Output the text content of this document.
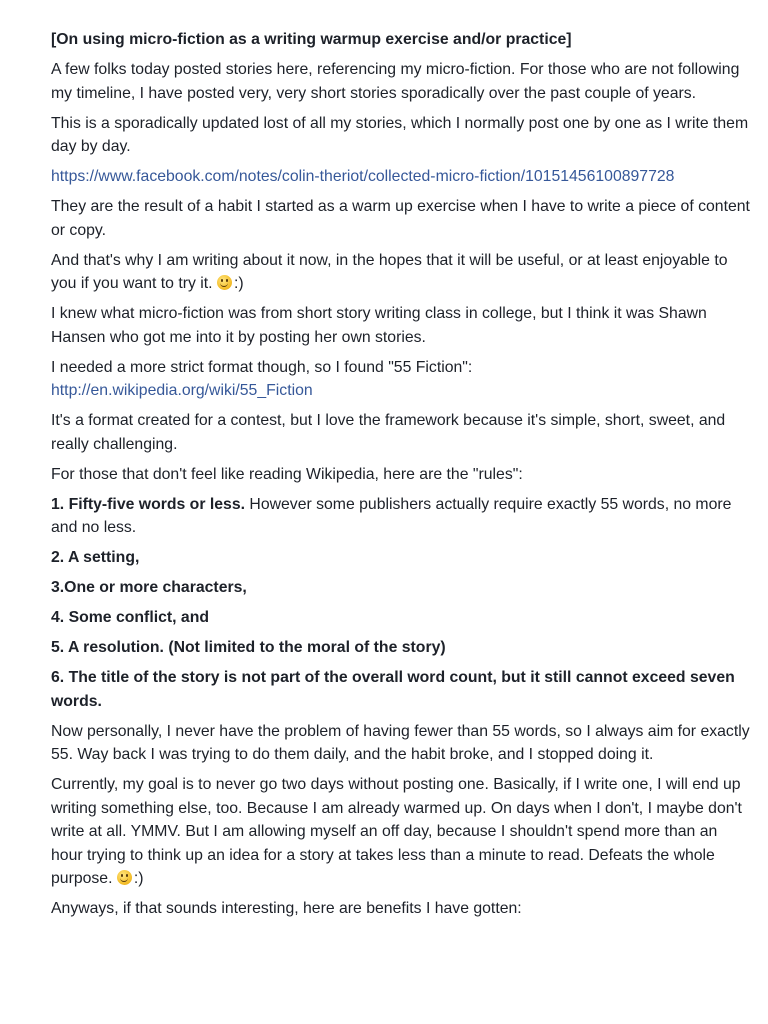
[On using micro-fiction as a writing warmup exercise and/or practice]

A few folks today posted stories here, referencing my micro-fiction. For those who are not following my timeline, I have posted very, very short stories sporadically over the past couple of years.

This is a sporadically updated lost of all my stories, which I normally post one by one as I write them day by day.

https://www.facebook.com/notes/colin-theriot/collected-micro-fiction/10151456100897728

They are the result of a habit I started as a warm up exercise when I have to write a piece of content or copy.

And that's why I am writing about it now, in the hopes that it will be useful, or at least enjoyable to you if you want to try it. :)

I knew what micro-fiction was from short story writing class in college, but I think it was Shawn Hansen who got me into it by posting her own stories.

I needed a more strict format though, so I found "55 Fiction":
http://en.wikipedia.org/wiki/55_Fiction

It's a format created for a contest, but I love the framework because it's simple, short, sweet, and really challenging.

For those that don't feel like reading Wikipedia, here are the "rules":

1. Fifty-five words or less. However some publishers actually require exactly 55 words, no more and no less.

2. A setting,

3.One or more characters,

4. Some conflict, and

5. A resolution. (Not limited to the moral of the story)

6. The title of the story is not part of the overall word count, but it still cannot exceed seven words.

Now personally, I never have the problem of having fewer than 55 words, so I always aim for exactly 55. Way back I was trying to do them daily, and the habit broke, and I stopped doing it.

Currently, my goal is to never go two days without posting one. Basically, if I write one, I will end up writing something else, too. Because I am already warmed up. On days when I don't, I maybe don't write at all. YMMV. But I am allowing myself an off day, because I shouldn't spend more than an hour trying to think up an idea for a story at takes less than a minute to read. Defeats the whole purpose. :)

Anyways, if that sounds interesting, here are benefits I have gotten:
